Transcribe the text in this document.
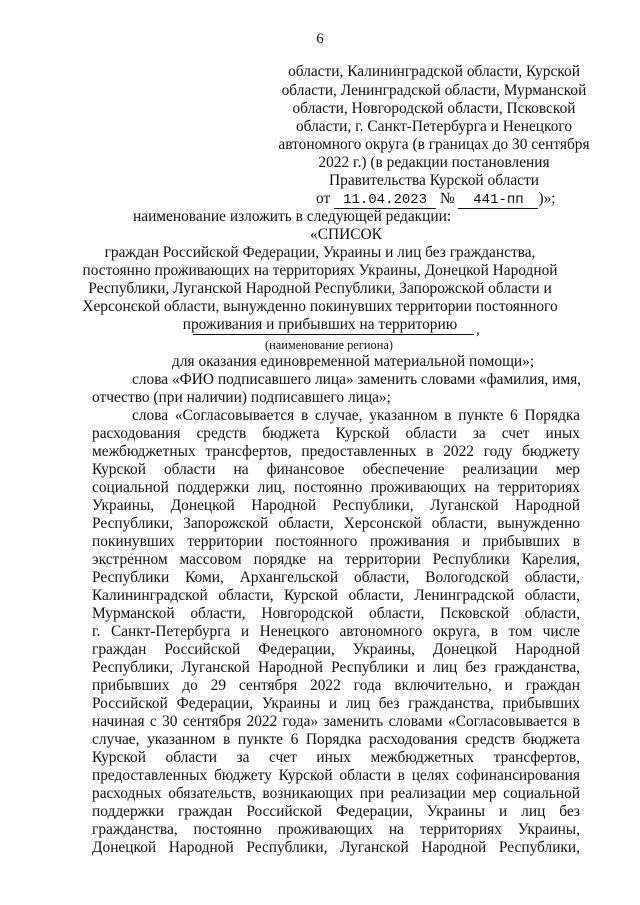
6
области, Калининградской области, Курской
области, Ленинградской области, Мурманской
области, Новгородской области, Псковской
области, г. Санкт-Петербурга и Ненецкого
автономного округа (в границах до 30 сентября
2022 г.) (в редакции постановления
Правительства Курской области
от 11.04.2023 № 441-пп )»;
наименование изложить в следующей редакции:
«СПИСОК
граждан Российской Федерации, Украины и лиц без гражданства,
постоянно проживающих на территориях Украины, Донецкой Народной
Республики, Луганской Народной Республики, Запорожской области и
Херсонской области, вынужденно покинувших территории постоянного
проживания и прибывших на территорию	,
(наименование региона)
для оказания единовременной материальной помощи»;
слова «ФИО подписавшего лица» заменить словами «фамилия, имя,
отчество (при наличии) подписавшего лица»;
слова «Согласовывается в случае, указанном в пункте 6 Порядка
расходования средств бюджета Курской области за счет иных
межбюджетных трансфертов, предоставленных в 2022 году бюджету
Курской области на финансовое обеспечение реализации мер
социальной поддержки лиц, постоянно проживающих на территориях
Украины, Донецкой Народной Республики, Луганской Народной
Республики, Запорожской области, Херсонской области, вынужденно
покинувших территории постоянного проживания и прибывших в
экстренном массовом порядке на территории Республики Карелия,
Республики Коми, Архангельской области, Вологодской области,
Калининградской области, Курской области, Ленинградской области,
Мурманской области, Новгородской области, Псковской области,
г. Санкт-Петербурга и Ненецкого автономного округа, в том числе
граждан Российской Федерации, Украины, Донецкой Народной
Республики, Луганской Народной Республики и лиц без гражданства,
прибывших до 29 сентября 2022 года включительно, и граждан
Российской Федерации, Украины и лиц без гражданства, прибывших
начиная с 30 сентября 2022 года» заменить словами «Согласовывается в
случае, указанном в пункте 6 Порядка расходования средств бюджета
Курской области за счет иных межбюджетных трансфертов,
предоставленных бюджету Курской области в целях софинансирования
расходных обязательств, возникающих при реализации мер социальной
поддержки граждан Российской Федерации, Украины и лиц без
гражданства, постоянно проживающих на территориях Украины,
Донецкой Народной Республики, Луганской Народной Республики,
